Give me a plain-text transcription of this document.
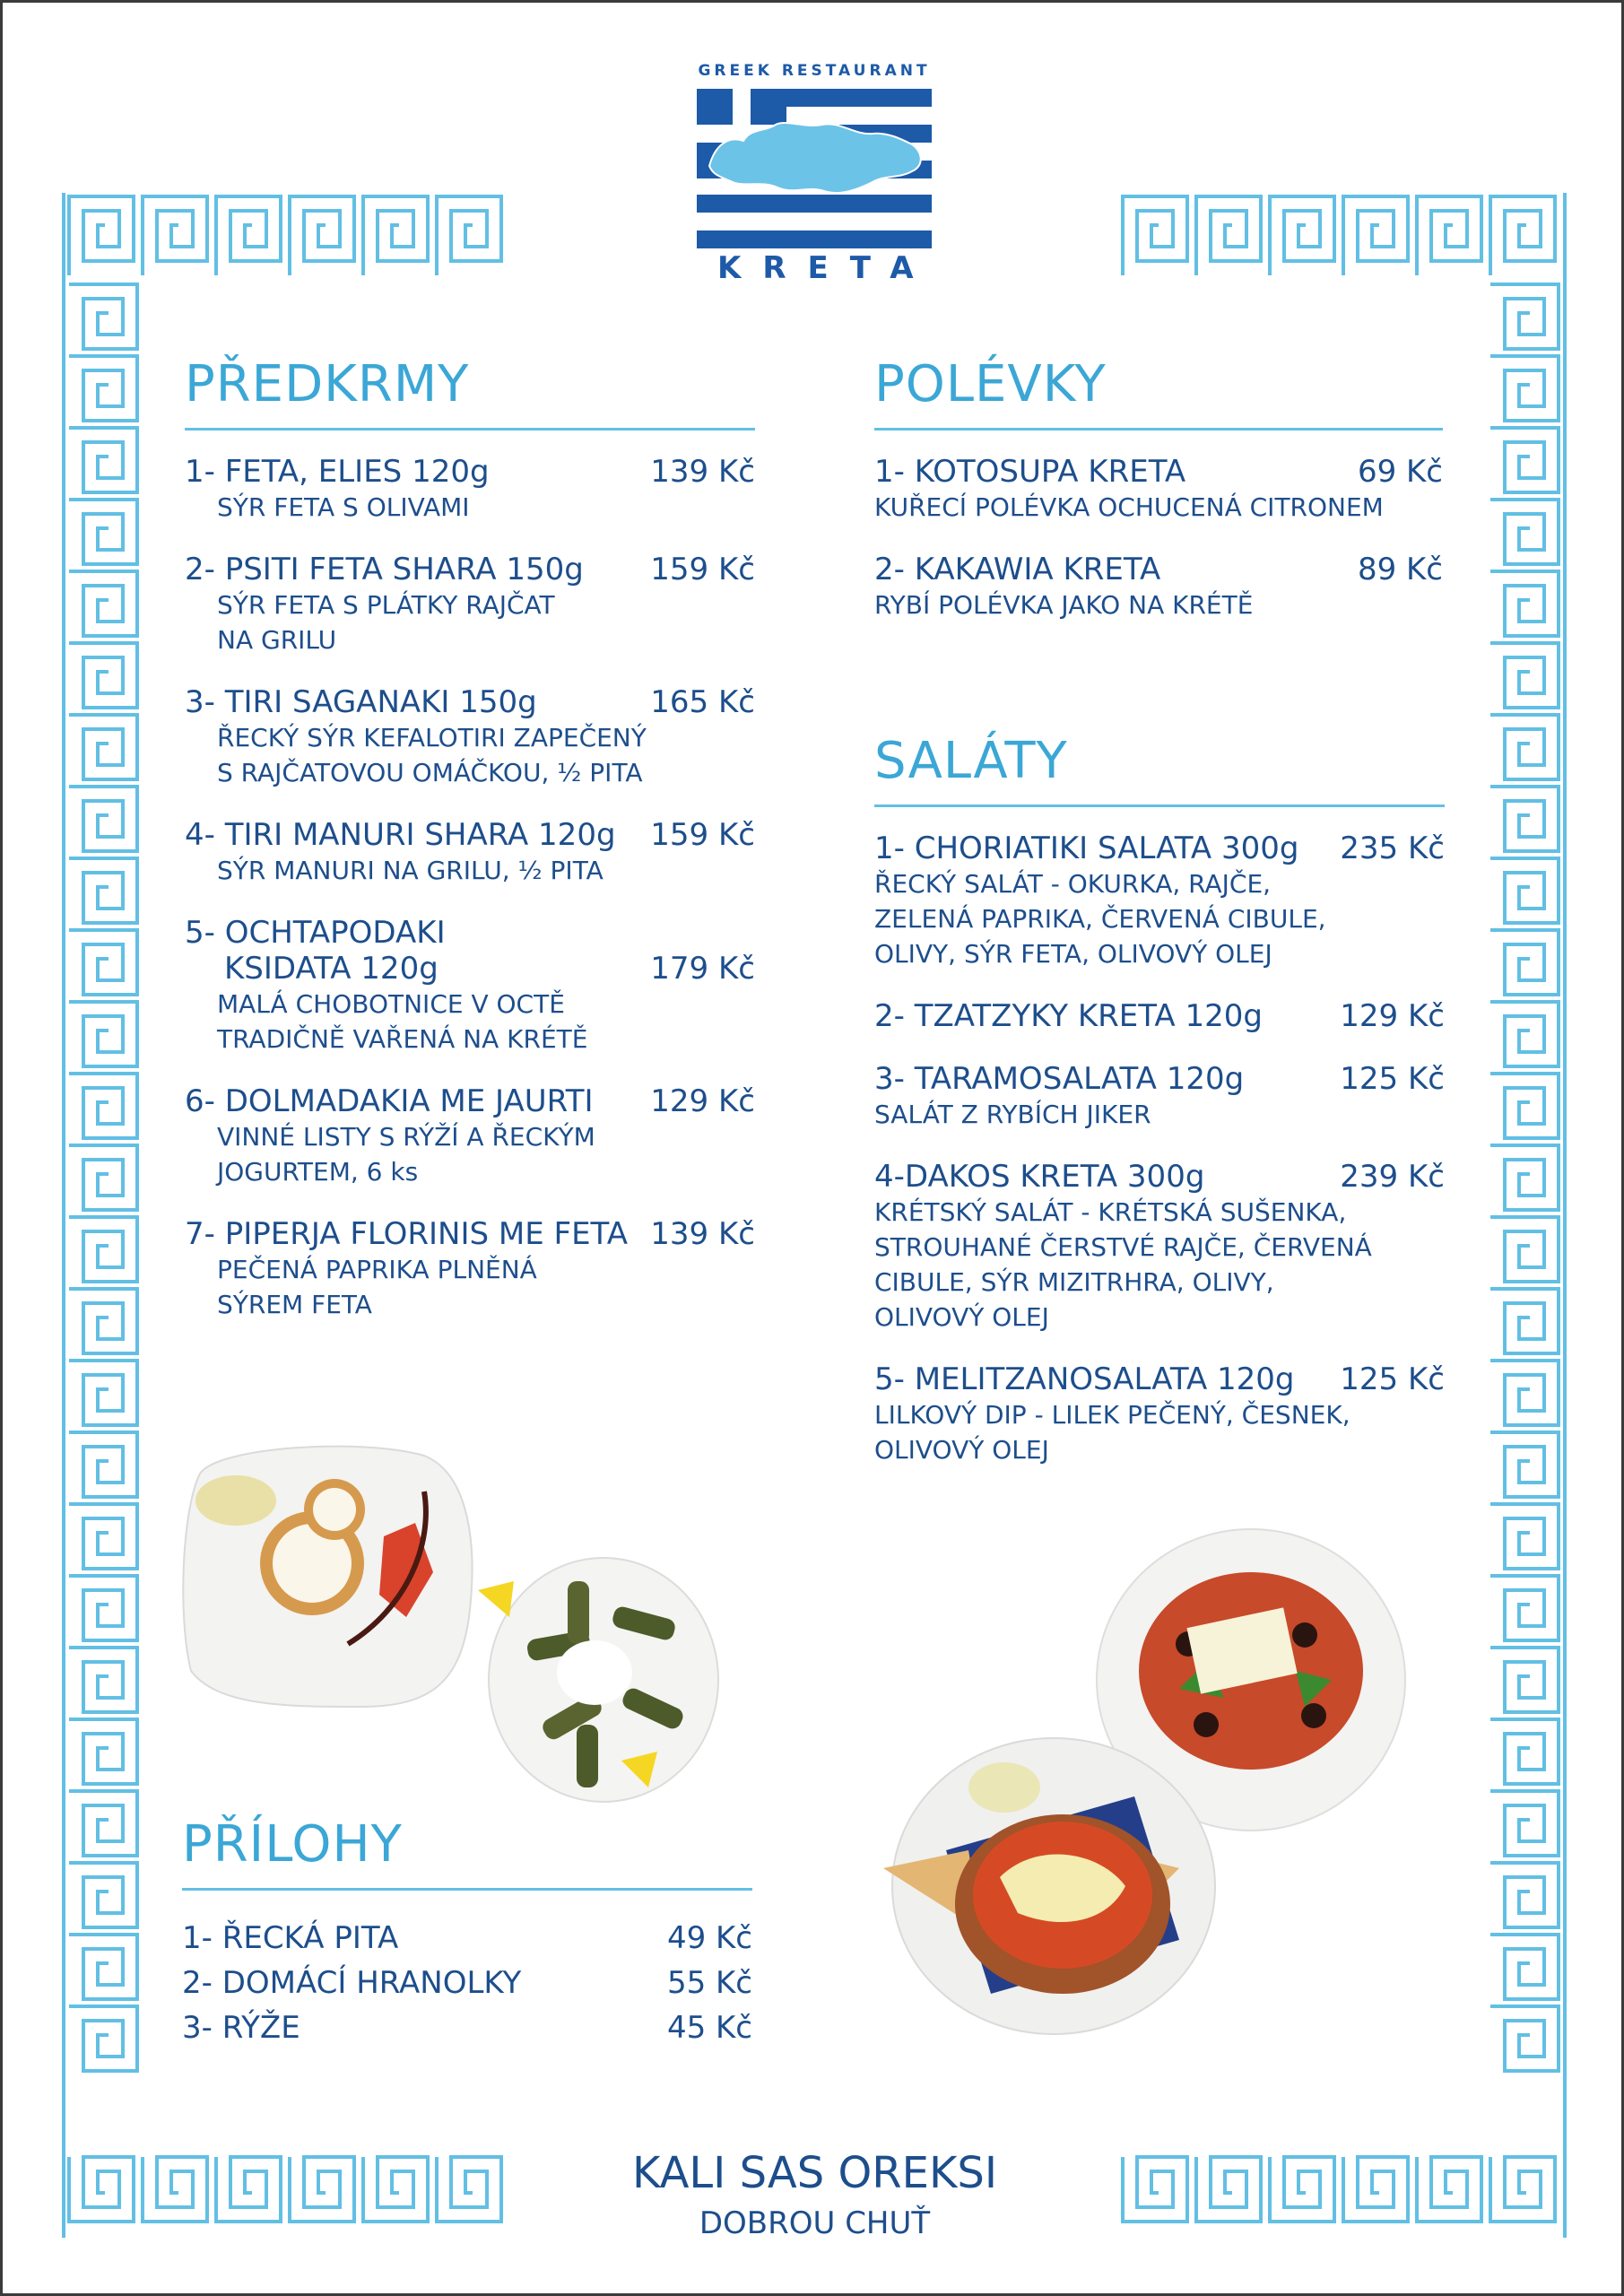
GREEK RESTAURANT
KRETA
PŘEDKRMY
1- FETA, ELIES 120g	139 Kč
SÝR FETA S OLIVAMI
2- PSITI FETA SHARA 150g	159 Kč
SÝR FETA S PLÁTKY RAJČAT
NA GRILU
3- TIRI SAGANAKI 150g	165 Kč
ŘECKÝ SÝR KEFALOTIRI ZAPEČENÝ
S RAJČATOVOU OMÁČKOU, ½ PITA
4- TIRI MANURI SHARA 120g	159 Kč
SÝR MANURI NA GRILU, ½ PITA
5- OCHTAPODAKI
KSIDATA 120g	179 Kč
MALÁ CHOBOTNICE V OCTĚ
TRADIČNĚ VAŘENÁ NA KRÉTĚ
6- DOLMADAKIA ME JAURTI	129 Kč
VINNÉ LISTY S RÝŽÍ A ŘECKÝM
JOGURTEM, 6 ks
7- PIPERJA FLORINIS ME FETA 139 Kč
PEČENÁ PAPRIKA PLNĚNÁ
SÝREM FETA
POLÉVKY
1- KOTOSUPA KRETA	69 Kč
KUŘECÍ POLÉVKA OCHUCENÁ CITRONEM
2- KAKAWIA KRETA	89 Kč
RYBÍ POLÉVKA JAKO NA KRÉTĚ
SALÁTY
1- CHORIATIKI SALATA 300g	235 Kč
ŘECKÝ SALÁT - OKURKA, RAJČE,
ZELENÁ PAPRIKA, ČERVENÁ CIBULE,
OLIVY, SÝR FETA, OLIVOVÝ OLEJ
2- TZATZYKY KRETA 120g	129 Kč
3- TARAMOSALATA 120g	125 Kč
SALÁT Z RYBÍCH JIKER
4-DAKOS KRETA 300g	239 Kč
KRÉTSKÝ SALÁT - KRÉTSKÁ SUŠENKA,
STROUHANÉ ČERSTVÉ RAJČE, ČERVENÁ
CIBULE, SÝR MIZITRHRA, OLIVY,
OLIVOVÝ OLEJ
5- MELITZANOSALATA 120g	125 Kč
LILKOVÝ DIP - LILEK PEČENÝ, ČESNEK,
OLIVOVÝ OLEJ
PŘÍLOHY
1- ŘECKÁ PITA	49 Kč
2- DOMÁCÍ HRANOLKY	55 Kč
3- RÝŽE	45 Kč
KALI SAS OREKSI
DOBROU CHUŤ
